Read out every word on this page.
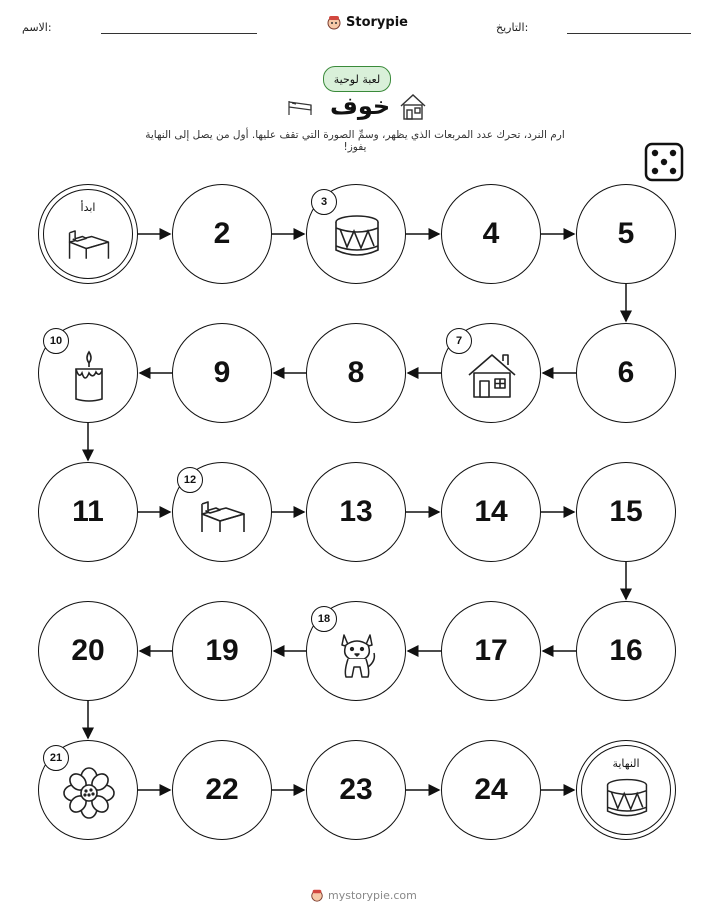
الاسم:	Storypie	التاريخ:
لعبة لوحية
خوف
ارم النرد، تحرك عدد المربعات الذي يظهر، وسمِّ الصورة التي تقف عليها. أول من يصل إلى النهاية يفوز!
ابدأ
2
3
4	5
6
7
8
9
10
11
12
13	14	15
16
17
18
19
20
21
22	23	24
النهاية
mystorypie.com
